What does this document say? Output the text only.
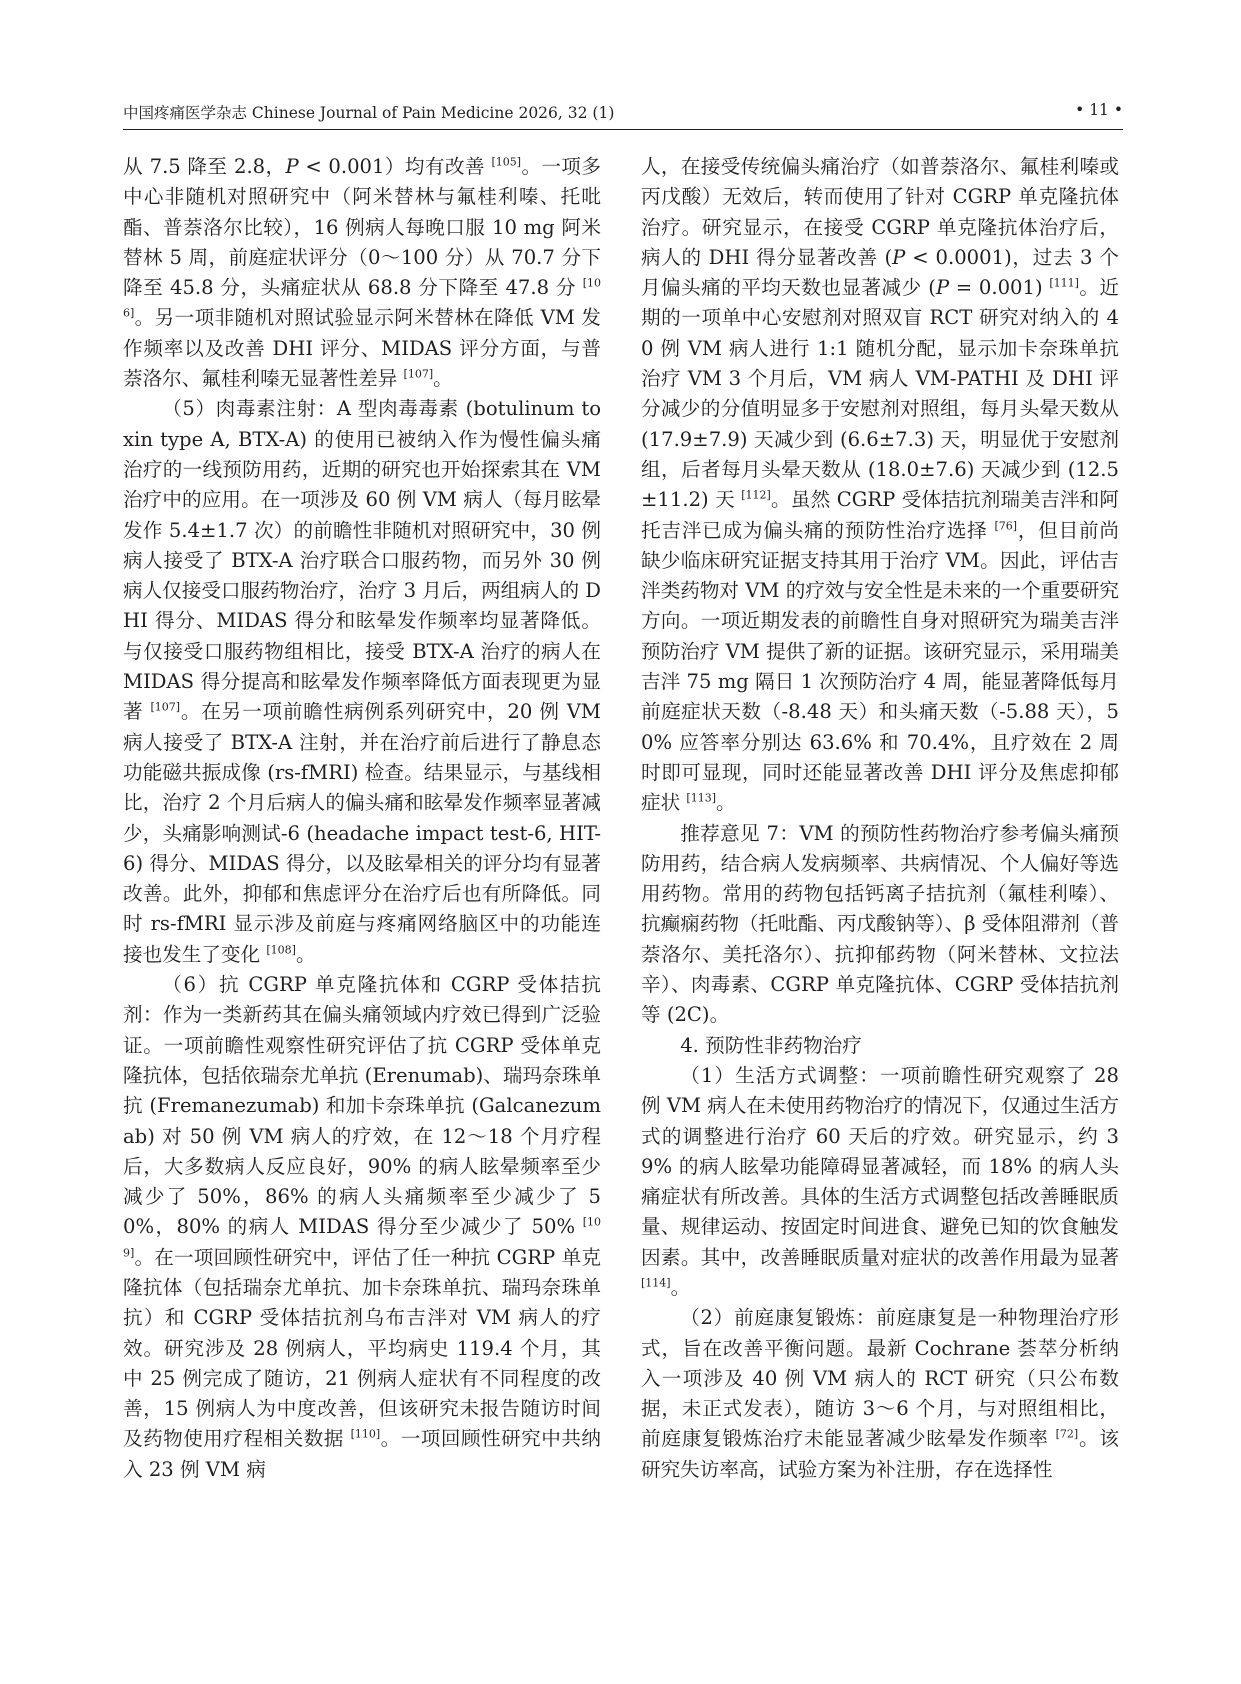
中国疼痛医学杂志 Chinese Journal of Pain Medicine 2026, 32 (1)	• 11 •

从 7.5 降至 2.8，P < 0.001）均有改善 [105]。一项多中心非随机对照研究中（阿米替林与氟桂利嗪、托吡酯、普萘洛尔比较），16 例病人每晚口服 10 mg 阿米替林 5 周，前庭症状评分（0～100 分）从 70.7 分下降至 45.8 分，头痛症状从 68.8 分下降至 47.8 分 [106]。另一项非随机对照试验显示阿米替林在降低 VM 发作频率以及改善 DHI 评分、MIDAS 评分方面，与普萘洛尔、氟桂利嗪无显著性差异 [107]。

（5）肉毒素注射：A 型肉毒毒素 (botulinum toxin type A, BTX-A) 的使用已被纳入作为慢性偏头痛治疗的一线预防用药，近期的研究也开始探索其在 VM 治疗中的应用。在一项涉及 60 例 VM 病人（每月眩晕发作 5.4±1.7 次）的前瞻性非随机对照研究中，30 例病人接受了 BTX-A 治疗联合口服药物，而另外 30 例病人仅接受口服药物治疗，治疗 3 月后，两组病人的 DHI 得分、MIDAS 得分和眩晕发作频率均显著降低。与仅接受口服药物组相比，接受 BTX-A 治疗的病人在 MIDAS 得分提高和眩晕发作频率降低方面表现更为显著 [107]。在另一项前瞻性病例系列研究中，20 例 VM 病人接受了 BTX-A 注射，并在治疗前后进行了静息态功能磁共振成像 (rs-fMRI) 检查。结果显示，与基线相比，治疗 2 个月后病人的偏头痛和眩晕发作频率显著减少，头痛影响测试-6 (headache impact test-6, HIT-6) 得分、MIDAS 得分，以及眩晕相关的评分均有显著改善。此外，抑郁和焦虑评分在治疗后也有所降低。同时 rs-fMRI 显示涉及前庭与疼痛网络脑区中的功能连接也发生了变化 [108]。

（6）抗 CGRP 单克隆抗体和 CGRP 受体拮抗剂：作为一类新药其在偏头痛领域内疗效已得到广泛验证。一项前瞻性观察性研究评估了抗 CGRP 受体单克隆抗体，包括依瑞奈尤单抗 (Erenumab)、瑞玛奈珠单抗 (Fremanezumab) 和加卡奈珠单抗 (Galcanezumab) 对 50 例 VM 病人的疗效，在 12～18 个月疗程后，大多数病人反应良好，90% 的病人眩晕频率至少减少了 50%，86% 的病人头痛频率至少减少了 50%，80% 的病人 MIDAS 得分至少减少了 50% [109]。在一项回顾性研究中，评估了任一种抗 CGRP 单克隆抗体（包括瑞奈尤单抗、加卡奈珠单抗、瑞玛奈珠单抗）和 CGRP 受体拮抗剂乌布吉泮对 VM 病人的疗效。研究涉及 28 例病人，平均病史 119.4 个月，其中 25 例完成了随访，21 例病人症状有不同程度的改善，15 例病人为中度改善，但该研究未报告随访时间及药物使用疗程相关数据 [110]。一项回顾性研究中共纳入 23 例 VM 病

人，在接受传统偏头痛治疗（如普萘洛尔、氟桂利嗪或丙戊酸）无效后，转而使用了针对 CGRP 单克隆抗体治疗。研究显示，在接受 CGRP 单克隆抗体治疗后，病人的 DHI 得分显著改善 (P < 0.0001)，过去 3 个月偏头痛的平均天数也显著减少 (P = 0.001) [111]。近期的一项单中心安慰剂对照双盲 RCT 研究对纳入的 40 例 VM 病人进行 1:1 随机分配，显示加卡奈珠单抗治疗 VM 3 个月后，VM 病人 VM-PATHI 及 DHI 评分减少的分值明显多于安慰剂对照组，每月头晕天数从 (17.9±7.9) 天减少到 (6.6±7.3) 天，明显优于安慰剂组，后者每月头晕天数从 (18.0±7.6) 天减少到 (12.5±11.2) 天 [112]。虽然 CGRP 受体拮抗剂瑞美吉泮和阿托吉泮已成为偏头痛的预防性治疗选择 [76]，但目前尚缺少临床研究证据支持其用于治疗 VM。因此，评估吉泮类药物对 VM 的疗效与安全性是未来的一个重要研究方向。一项近期发表的前瞻性自身对照研究为瑞美吉泮预防治疗 VM 提供了新的证据。该研究显示，采用瑞美吉泮 75 mg 隔日 1 次预防治疗 4 周，能显著降低每月前庭症状天数（-8.48 天）和头痛天数（-5.88 天），50% 应答率分别达 63.6% 和 70.4%，且疗效在 2 周时即可显现，同时还能显著改善 DHI 评分及焦虑抑郁症状 [113]。

推荐意见 7：VM 的预防性药物治疗参考偏头痛预防用药，结合病人发病频率、共病情况、个人偏好等选用药物。常用的药物包括钙离子拮抗剂（氟桂利嗪）、抗癫痫药物（托吡酯、丙戊酸钠等）、β 受体阻滞剂（普萘洛尔、美托洛尔）、抗抑郁药物（阿米替林、文拉法辛）、肉毒素、CGRP 单克隆抗体、CGRP 受体拮抗剂等 (2C)。

4. 预防性非药物治疗

（1）生活方式调整：一项前瞻性研究观察了 28 例 VM 病人在未使用药物治疗的情况下，仅通过生活方式的调整进行治疗 60 天后的疗效。研究显示，约 39% 的病人眩晕功能障碍显著减轻，而 18% 的病人头痛症状有所改善。具体的生活方式调整包括改善睡眠质量、规律运动、按固定时间进食、避免已知的饮食触发因素。其中，改善睡眠质量对症状的改善作用最为显著 [114]。

（2）前庭康复锻炼：前庭康复是一种物理治疗形式，旨在改善平衡问题。最新 Cochrane 荟萃分析纳入一项涉及 40 例 VM 病人的 RCT 研究（只公布数据，未正式发表），随访 3～6 个月，与对照组相比，前庭康复锻炼治疗未能显著减少眩晕发作频率 [72]。该研究失访率高，试验方案为补注册，存在选择性
